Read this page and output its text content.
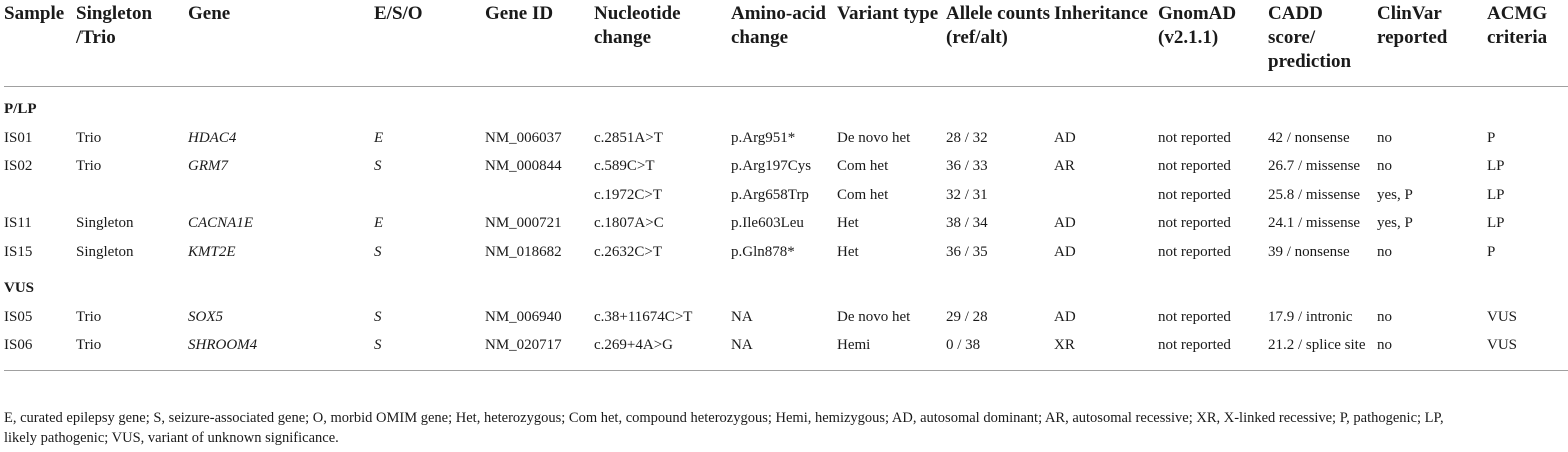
Sample	Singleton /Trio	Gene	E/S/O	Gene ID	Nucleotide change	Amino-acid change	Variant type	Allele counts (ref/alt)	Inheritance	GnomAD (v2.1.1)	CADD score/ prediction	ClinVar reported	ACMG criteria
P/LP													
IS01	Trio	HDAC4	E	NM_006037	c.2851A>T	p.Arg951*	De novo het	28 / 32	AD	not reported	42 / nonsense	no	P
IS02	Trio	GRM7	S	NM_000844	c.589C>T	p.Arg197Cys	Com het	36 / 33	AR	not reported	26.7 / missense	no	LP
					c.1972C>T	p.Arg658Trp	Com het	32 / 31		not reported	25.8 / missense	yes, P	LP
IS11	Singleton	CACNA1E	E	NM_000721	c.1807A>C	p.Ile603Leu	Het	38 / 34	AD	not reported	24.1 / missense	yes, P	LP
IS15	Singleton	KMT2E	S	NM_018682	c.2632C>T	p.Gln878*	Het	36 / 35	AD	not reported	39 / nonsense	no	P
VUS													
IS05	Trio	SOX5	S	NM_006940	c.38+11674C>T	NA	De novo het	29 / 28	AD	not reported	17.9 / intronic	no	VUS
IS06	Trio	SHROOM4	S	NM_020717	c.269+4A>G	NA	Hemi	0 / 38	XR	not reported	21.2 / splice site	no	VUS
E, curated epilepsy gene; S, seizure-associated gene; O, morbid OMIM gene; Het, heterozygous; Com het, compound heterozygous; Hemi, hemizygous; AD, autosomal dominant; AR, autosomal recessive; XR, X-linked recessive; P, pathogenic; LP, likely pathogenic; VUS, variant of unknown significance.
